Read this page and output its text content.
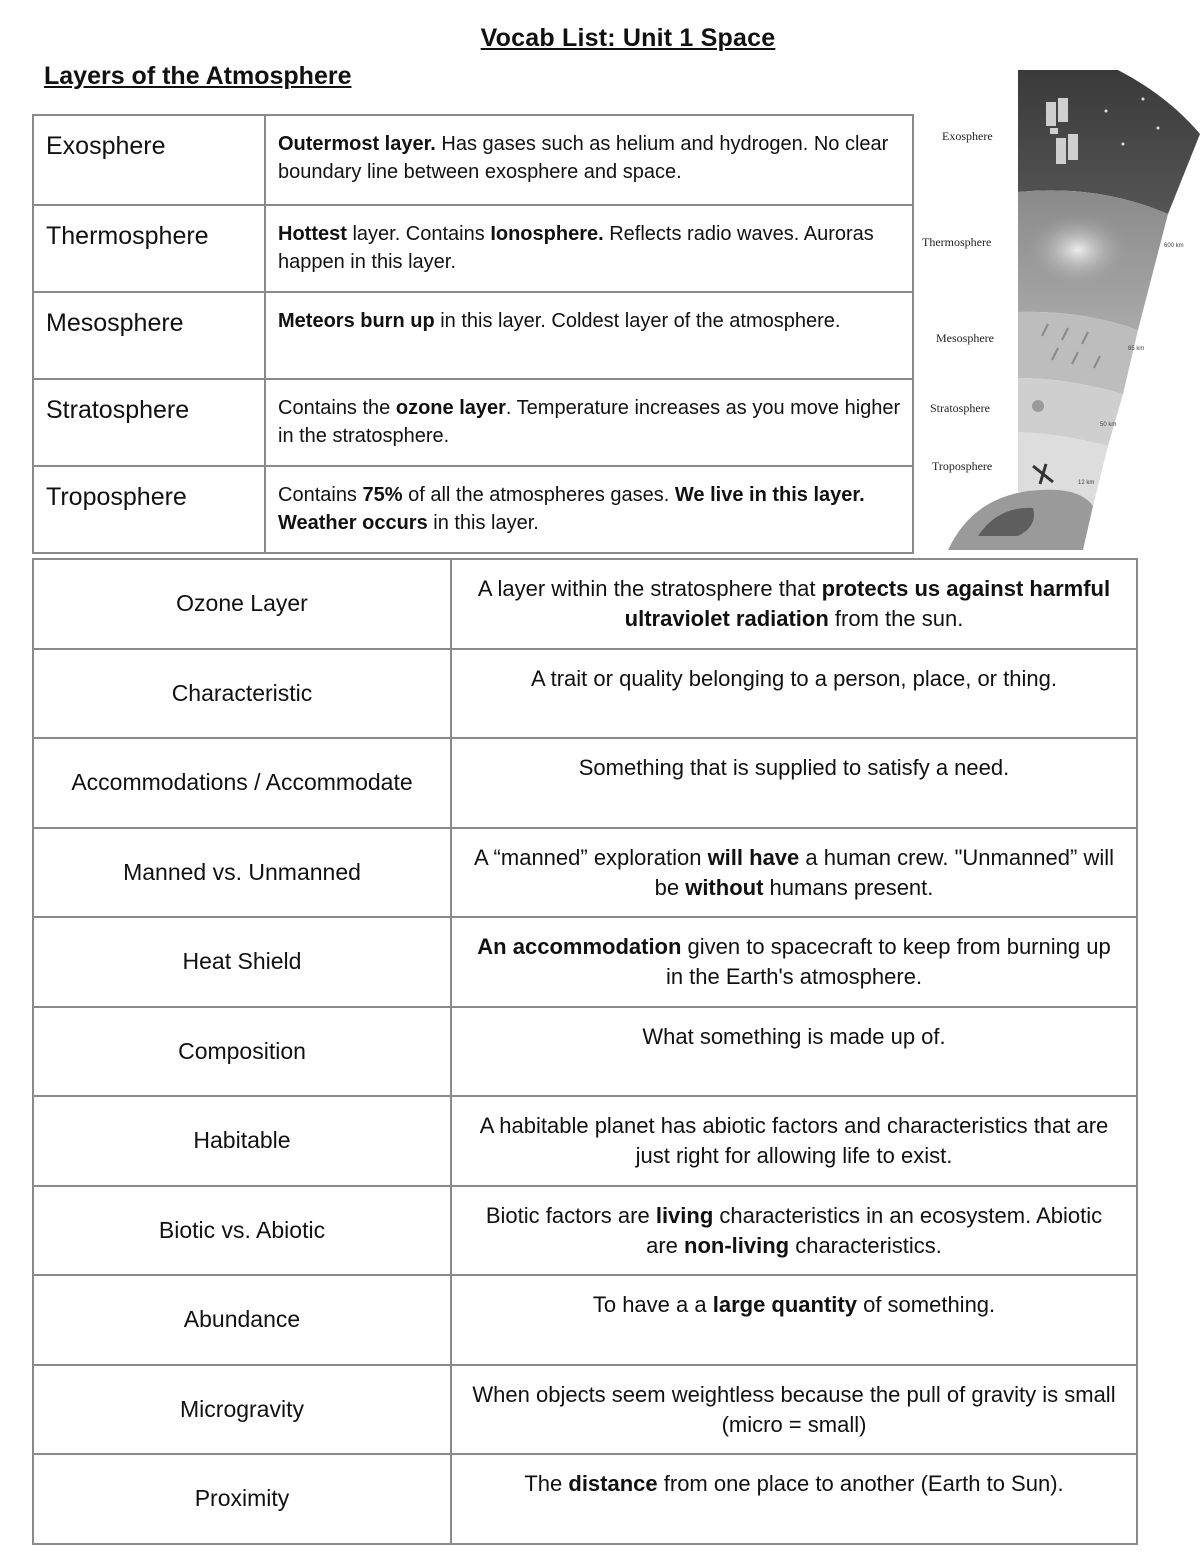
Vocab List: Unit 1 Space
Layers of the Atmosphere
Exosphere	Outermost layer. Has gases such as helium and hydrogen. No clear boundary line between exosphere and space.
Thermosphere	Hottest layer. Contains Ionosphere. Reflects radio waves. Auroras happen in this layer.
Mesosphere	Meteors burn up in this layer. Coldest layer of the atmosphere.
Stratosphere	Contains the ozone layer. Temperature increases as you move higher in the stratosphere.
Troposphere	Contains 75% of all the atmospheres gases. We live in this layer. Weather occurs in this layer.
Exosphere
Thermosphere
Mesosphere
Stratosphere
Troposphere
600 km
85 km
50 km
12 km
Ozone Layer	A layer within the stratosphere that protects us against harmful ultraviolet radiation from the sun.
Characteristic	A trait or quality belonging to a person, place, or thing.
Accommodations / Accommodate	Something that is supplied to satisfy a need.
Manned vs. Unmanned	A “manned” exploration will have a human crew. "Unmanned” will be without humans present.
Heat Shield	An accommodation given to spacecraft to keep from burning up in the Earth's atmosphere.
Composition	What something is made up of.
Habitable	A habitable planet has abiotic factors and characteristics that are just right for allowing life to exist.
Biotic vs. Abiotic	Biotic factors are living characteristics in an ecosystem. Abiotic are non-living characteristics.
Abundance	To have a a large quantity of something.
Microgravity	When objects seem weightless because the pull of gravity is small (micro = small)
Proximity	The distance from one place to another (Earth to Sun).
